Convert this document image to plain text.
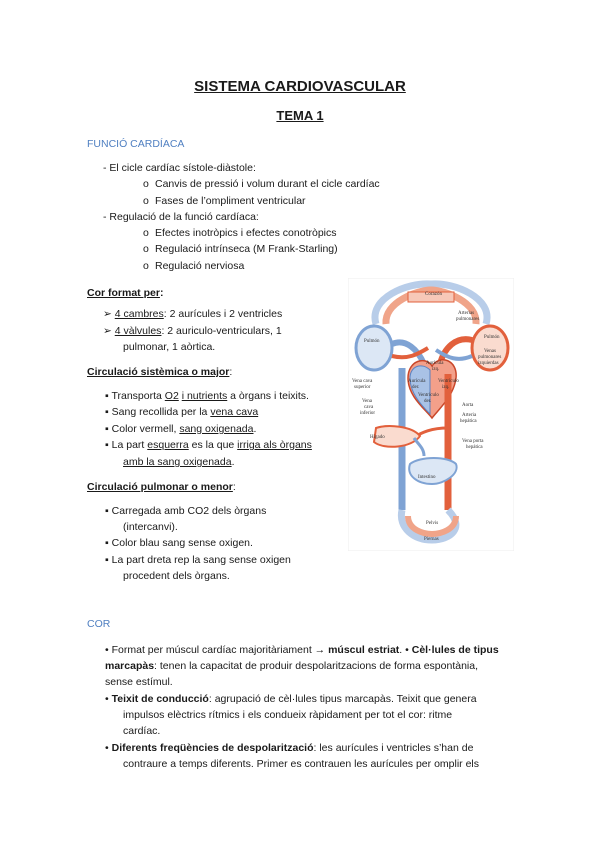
SISTEMA CARDIOVASCULAR
TEMA 1
FUNCIÓ CARDÍACA
- El cicle cardíac sístole-diàstole:
o Canvis de pressió i volum durant el cicle cardíac
o Fases de l’ompliment ventricular
- Regulació de la funció cardíaca:
o Efectes inotròpics i efectes conotròpics
o Regulació intrínseca (M Frank-Starling)
o Regulació nerviosa
Cor format per:
➢ 4 cambres: 2 aurícules i 2 ventricles
➢ 4 vàlvules: 2 auriculo-ventriculars, 1
pulmonar, 1 aòrtica.
Circulació sistèmica o major:
▪ Transporta O2 i nutrients a òrgans i teixits.
▪ Sang recollida per la vena cava
▪ Color vermell, sang oxigenada.
▪ La part esquerra es la que irriga als òrgans
amb la sang oxigenada.
Circulació pulmonar o menor:
▪ Carregada amb CO2 dels òrgans
(intercanvi).
▪ Color blau sang sense oxigen.
▪ La part dreta rep la sang sense oxigen
procedent dels òrgans.
COR
• Format per múscul cardíac majoritàriament → múscul estriat. • Cèl·lules de tipus
marcapàs: tenen la capacitat de produir despolaritzacions de forma espontània,
sense estímul.
• Teixit de conducció: agrupació de cèl·lules tipus marcapàs. Teixit que genera
impulsos elèctrics rítmics i els condueix ràpidament per tot el cor: ritme
cardíac.
• Diferents freqüències de despolarització: les aurícules i ventricles s’han de
contraure a temps diferents. Primer es contrauen les aurícules per omplir els
Corazón
Arterias
pulmonares
Pulmón
Pulmón
Venas
pulmonares
izquierdas
Aurícula
izq.
Vena cava
superior
Aurícula
der.
Ventrículo
izq.
Ventrículo
der.
Vena
cava
inferior
Aorta
Arteria
hepática
Hígado
Vena porta
hepática
Intestino
Pelvis
Piernas
